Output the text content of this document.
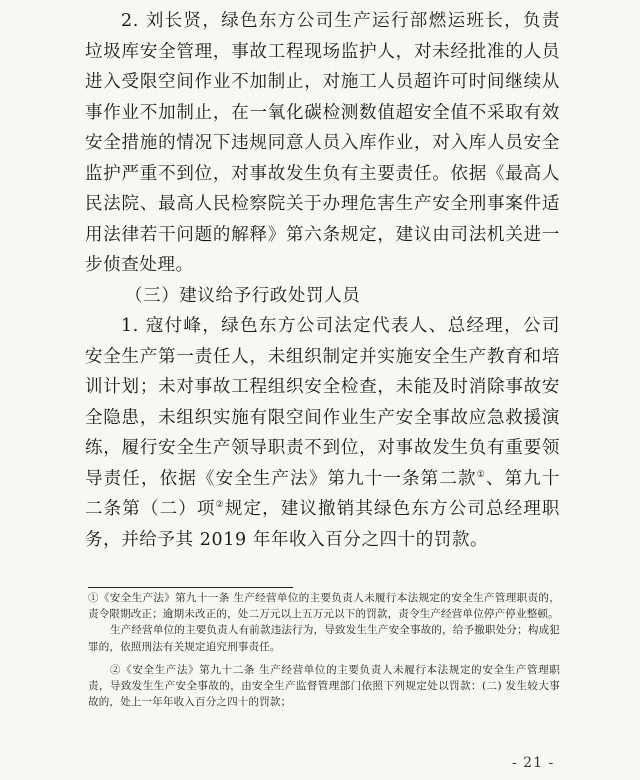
2. 刘长贤，绿色东方公司生产运行部燃运班长，负责垃圾库安全管理，事故工程现场监护人，对未经批准的人员进入受限空间作业不加制止，对施工人员超许可时间继续从事作业不加制止，在一氧化碳检测数值超安全值不采取有效安全措施的情况下违规同意人员入库作业，对入库人员安全监护严重不到位，对事故发生负有主要责任。依据《最高人民法院、最高人民检察院关于办理危害生产安全刑事案件适用法律若干问题的解释》第六条规定，建议由司法机关进一步侦查处理。

（三）建议给予行政处罚人员

1. 寇付峰，绿色东方公司法定代表人、总经理，公司安全生产第一责任人，未组织制定并实施安全生产教育和培训计划；未对事故工程组织安全检查，未能及时消除事故安全隐患，未组织实施有限空间作业生产安全事故应急救援演练，履行安全生产领导职责不到位，对事故发生负有重要领导责任，依据《安全生产法》第九十一条第二款①、第九十二条第（二）项②规定，建议撤销其绿色东方公司总经理职务，并给予其 2019 年年收入百分之四十的罚款。

①《安全生产法》第九十一条 生产经营单位的主要负责人未履行本法规定的安全生产管理职责的，责令限期改正；逾期未改正的，处二万元以上五万元以下的罚款，责令生产经营单位停产停业整顿。

生产经营单位的主要负责人有前款违法行为，导致发生生产安全事故的，给予撤职处分；构成犯罪的，依照刑法有关规定追究刑事责任。

②《安全生产法》第九十二条 生产经营单位的主要负责人未履行本法规定的安全生产管理职责，导致发生生产安全事故的，由安全生产监督管理部门依照下列规定处以罚款：(二) 发生较大事故的，处上一年年收入百分之四十的罚款；

- 21 -
